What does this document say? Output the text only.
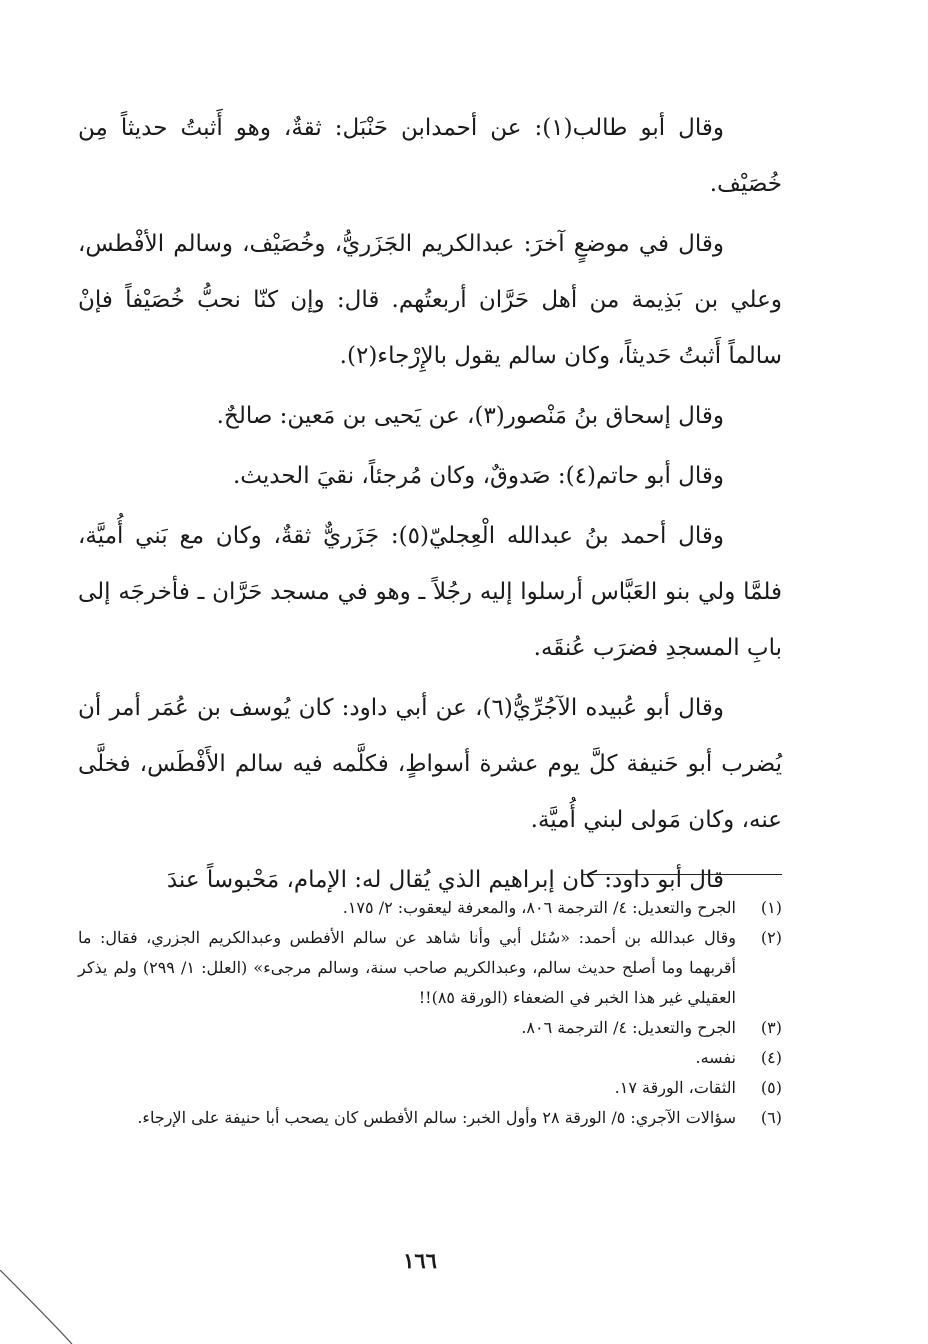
وقال أبو طالب(١): عن أحمدابن حَنْبَل: ثقةٌ، وهو أَثبتُ حديثاً مِن خُصَيْف.

وقال في موضعٍ آخرَ: عبدالكريم الجَزَريُّ، وخُصَيْف، وسالم الأفْطس، وعلي بن بَذِيمة من أهل حَرَّان أربعتُهم. قال: وإن كنّا نحبُّ خُصَيْفاً فإنْ سالماً أَثبتُ حَديثاً، وكان سالم يقول بالإِرْجاء(٢).

وقال إسحاق بنُ مَنْصور(٣)، عن يَحيى بن مَعين: صالحٌ.

وقال أبو حاتم(٤): صَدوقٌ، وكان مُرجئاً، نقيَ الحديث.

وقال أحمد بنُ عبدالله الْعِجليّ(٥): جَزَريٌّ ثقةٌ، وكان مع بَني أُميَّة، فلمَّا ولي بنو العَبَّاس أرسلوا إليه رجُلاً ـ وهو في مسجد حَرَّان ـ فأخرجَه إلى بابِ المسجدِ فضرَب عُنقَه.

وقال أبو عُبيده الآجُرِّيُّ(٦)، عن أبي داود: كان يُوسف بن عُمَر أمر أن يُضرب أبو حَنيفة كلَّ يوم عشرة أسواطٍ، فكلَّمه فيه سالم الأَفْطَس، فخلَّى عنه، وكان مَولى لبني أُميَّة.

قال أبو داود: كان إبراهيم الذي يُقال له: الإمام، مَحْبوساً عندَ

(١)
الجرح والتعديل: ٤/ الترجمة ٨٠٦، والمعرفة ليعقوب: ٢/ ١٧٥.
(٢)
وقال عبدالله بن أحمد: «سُئل أبي وأنا شاهد عن سالم الأفطس وعبدالكريم الجزري، فقال: ما أقربهما وما أصلح حديث سالم، وعبدالكريم صاحب سنة، وسالم مرجىء» (العلل: ١/ ٢٩٩) ولم يذكر العقيلي غير هذا الخبر في الضعفاء (الورقة ٨٥)!!
(٣)
الجرح والتعديل: ٤/ الترجمة ٨٠٦.
(٤)
نفسه.
(٥)
الثقات، الورقة ١٧.
(٦)
سؤالات الآجري: ٥/ الورقة ٢٨ وأول الخبر: سالم الأفطس كان يصحب أبا حنيفة على الإرجاء.
١٦٦
